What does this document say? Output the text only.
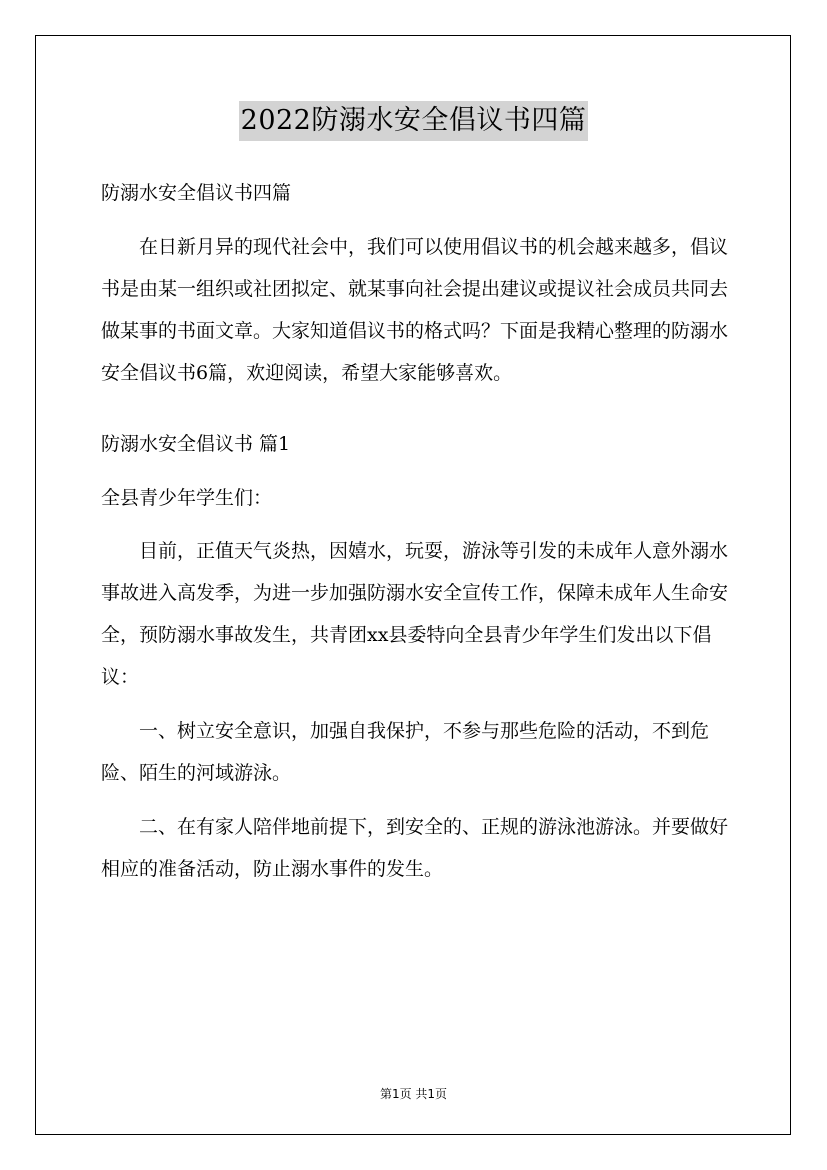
2022防溺水安全倡议书四篇

防溺水安全倡议书四篇

在日新月异的现代社会中，我们可以使用倡议书的机会越来越多，倡议书是由某一组织或社团拟定、就某事向社会提出建议或提议社会成员共同去做某事的书面文章。大家知道倡议书的格式吗？下面是我精心整理的防溺水安全倡议书6篇，欢迎阅读，希望大家能够喜欢。

防溺水安全倡议书 篇1

全县青少年学生们：

目前，正值天气炎热，因嬉水，玩耍，游泳等引发的未成年人意外溺水事故进入高发季，为进一步加强防溺水安全宣传工作，保障未成年人生命安全，预防溺水事故发生，共青团xx县委特向全县青少年学生们发出以下倡议：

一、树立安全意识，加强自我保护，不参与那些危险的活动，不到危险、陌生的河域游泳。

二、在有家人陪伴地前提下，到安全的、正规的游泳池游泳。并要做好相应的准备活动，防止溺水事件的发生。

第1页 共1页
